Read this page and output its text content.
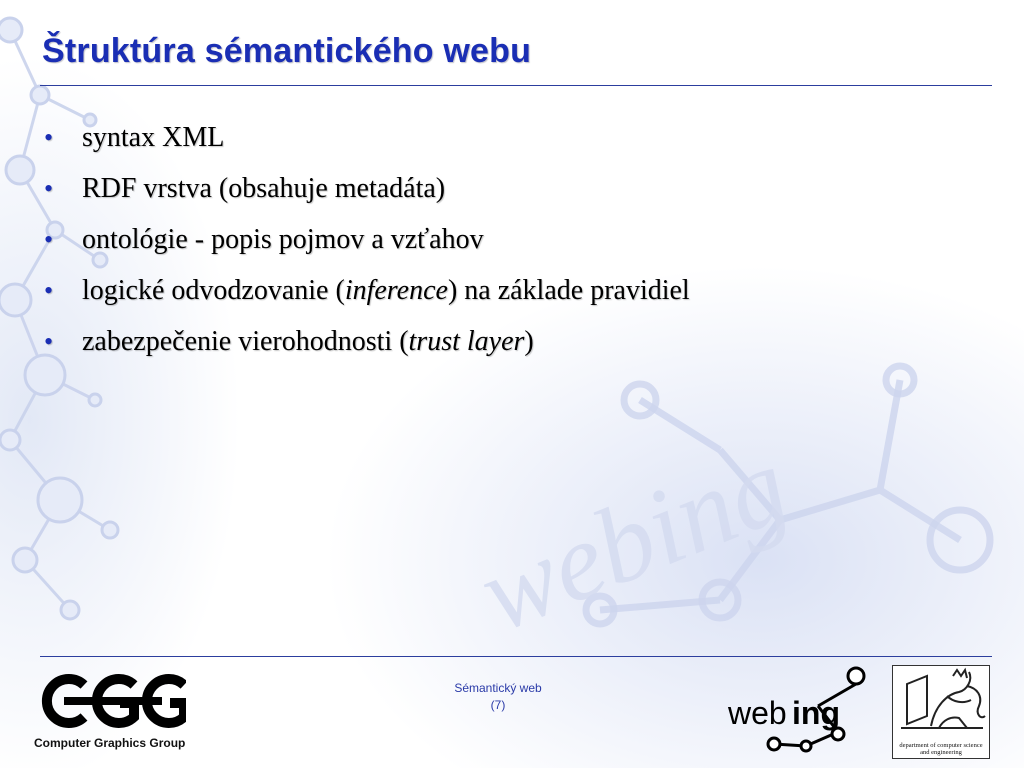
webing
Štruktúra sémantického webu
• syntax XML
• RDF vrstva (obsahuje metadáta)
• ontológie - popis pojmov a vzťahov
• logické odvodzovanie (inference) na základe pravidiel
• zabezpečenie vierohodnosti (trust layer)
Sémantický web
(7)
Computer Graphics Group
web ing
department of computer science
and engineering
